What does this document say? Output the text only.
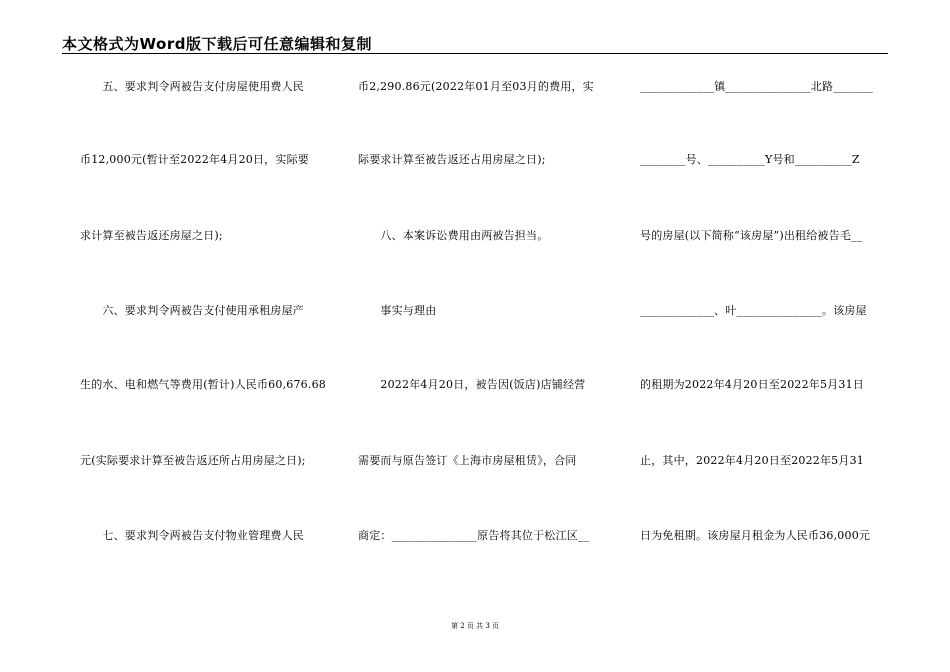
本文格式为Word版下载后可任意编辑和复制
　　五、要求判令两被告支付房屋使用费人民
币12,000元(暂计至2022年4月20日，实际要
求计算至被告返还房屋之日);
　　六、要求判令两被告支付使用承租房屋产
生的水、电和燃气等费用(暂计)人民币60,676.68
元(实际要求计算至被告返还所占用房屋之日);
　　七、要求判令两被告支付物业管理费人民
币2,290.86元(2022年01月至03月的费用，实
际要求计算至被告返还占用房屋之日);
　　八、本案诉讼费用由两被告担当。
　　事实与理由
　　2022年4月20日，被告因(饭店)店铺经营
需要而与原告签订《上海市房屋租赁》，合同
商定：_______________原告将其位于松江区__
_____________镇_______________北路_______
________号、__________Y号和__________Z
号的房屋(以下简称“该房屋”)出租给被告毛__
_____________、叶_______________。该房屋
的租期为2022年4月20日至2022年5月31日
止，其中，2022年4月20日至2022年5月31
日为免租期。该房屋月租金为人民币36,000元
第 2 页 共 3 页
